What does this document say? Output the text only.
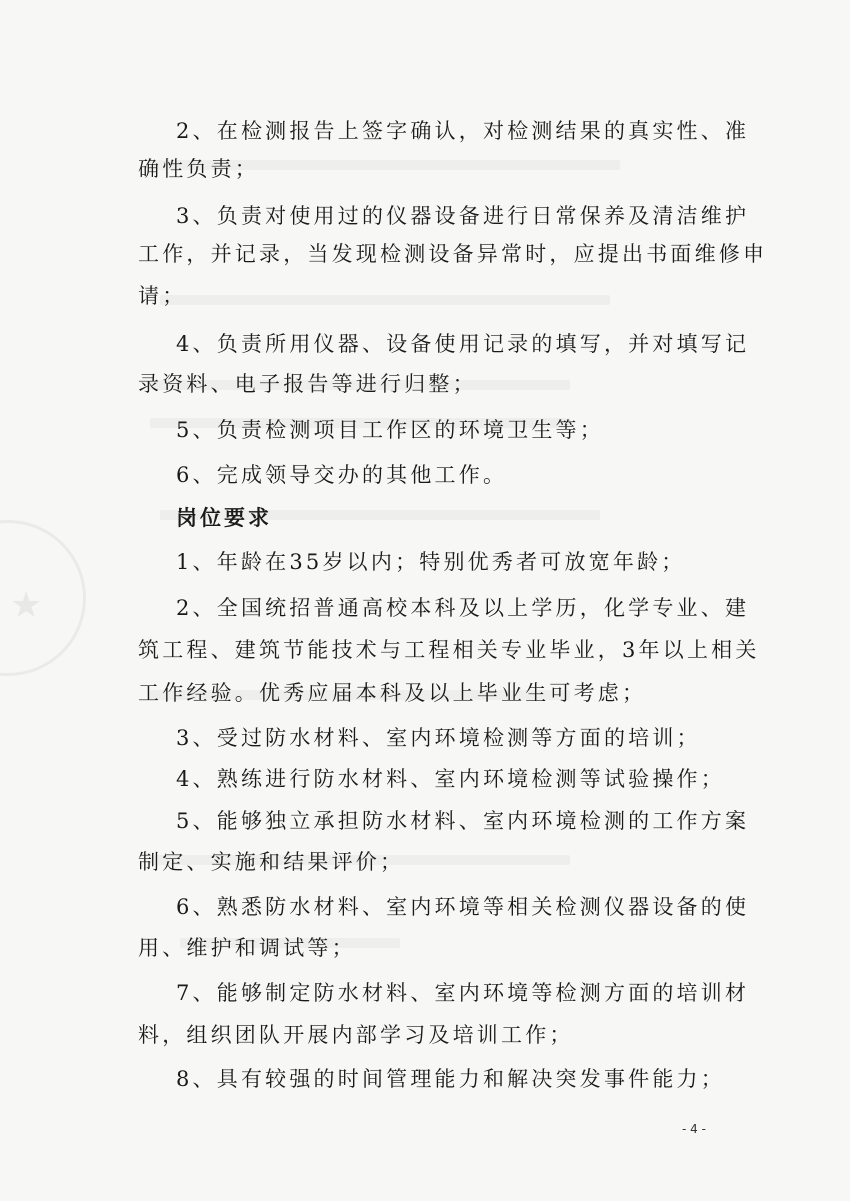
★
2、在检测报告上签字确认，对检测结果的真实性、准
确性负责；
3、负责对使用过的仪器设备进行日常保养及清洁维护
工作，并记录，当发现检测设备异常时，应提出书面维修申
请；
4、负责所用仪器、设备使用记录的填写，并对填写记
录资料、电子报告等进行归整；
5、负责检测项目工作区的环境卫生等；
6、完成领导交办的其他工作。
岗位要求
1、年龄在35岁以内；特别优秀者可放宽年龄；
2、全国统招普通高校本科及以上学历，化学专业、建
筑工程、建筑节能技术与工程相关专业毕业，3年以上相关
工作经验。优秀应届本科及以上毕业生可考虑；
3、受过防水材料、室内环境检测等方面的培训；
4、熟练进行防水材料、室内环境检测等试验操作；
5、能够独立承担防水材料、室内环境检测的工作方案
制定、实施和结果评价；
6、熟悉防水材料、室内环境等相关检测仪器设备的使
用、维护和调试等；
7、能够制定防水材料、室内环境等检测方面的培训材
料，组织团队开展内部学习及培训工作；
8、具有较强的时间管理能力和解决突发事件能力；
- 4 -
